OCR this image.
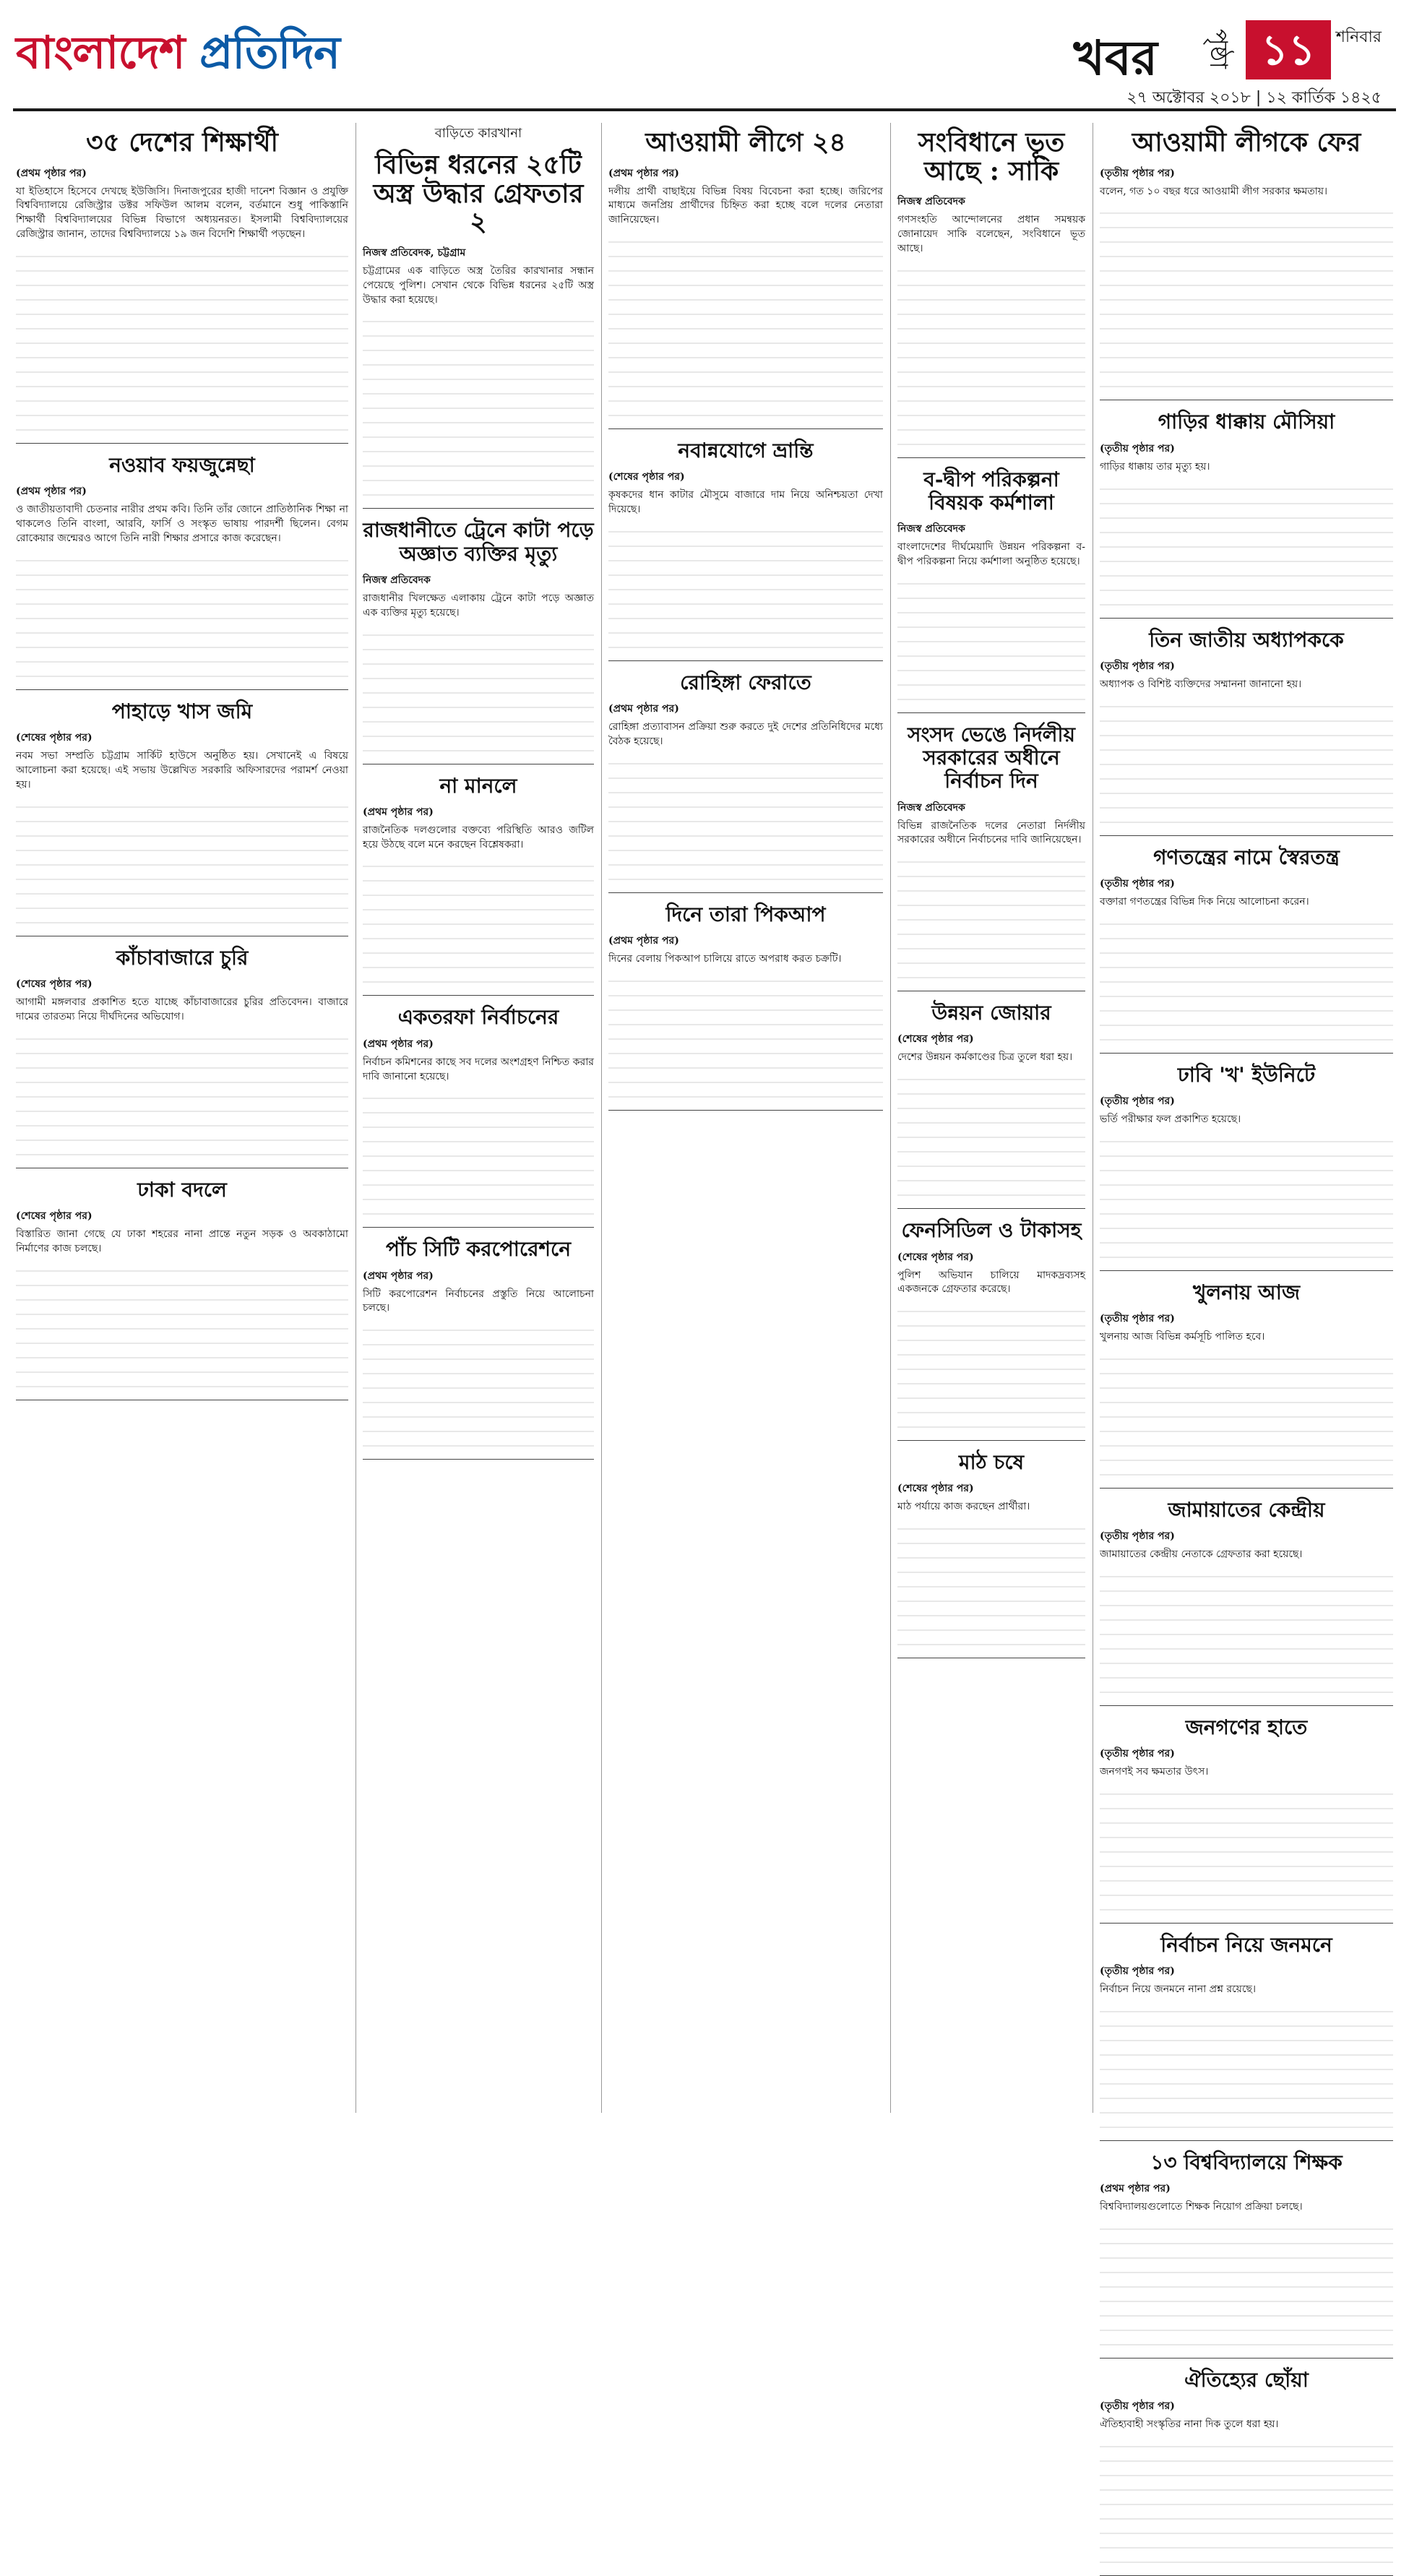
বাংলাদেশ প্রতিদিন	খবর পৃষ্ঠা ১১	শনিবার
২৭ অক্টোবর ২০১৮ | ১২ কার্তিক ১৪২৫
৩৫ দেশের শিক্ষার্থী
(প্রথম পৃষ্ঠার পর)

যা ইতিহাসে হিসেবে দেখছে ইউজিসি। দিনাজপুরের হাজী দানেশ বিজ্ঞান ও প্রযুক্তি বিশ্ববিদ্যালয়ে রেজিস্ট্রার ডক্টর সফিউল আলম বলেন, বর্তমানে শুধু পাকিস্তানি শিক্ষার্থী বিশ্ববিদ্যালয়ের বিভিন্ন বিভাগে অধ্যয়নরত। ইসলামী বিশ্ববিদ্যালয়ের রেজিস্ট্রার জানান, তাদের বিশ্ববিদ্যালয়ে ১৯ জন বিদেশি শিক্ষার্থী পড়ছেন।

নওয়াব ফয়জুন্নেছা
(প্রথম পৃষ্ঠার পর)

ও জাতীয়তাবাদী চেতনার নারীর প্রথম কবি। তিনি তাঁর জোনে প্রাতিষ্ঠানিক শিক্ষা না থাকলেও তিনি বাংলা, আরবি, ফার্সি ও সংস্কৃত ভাষায় পারদর্শী ছিলেন। বেগম রোকেয়ার জন্মেরও আগে তিনি নারী শিক্ষার প্রসারে কাজ করেছেন।

পাহাড়ে খাস জমি
(শেষের পৃষ্ঠার পর)

নবম সভা সম্প্রতি চট্টগ্রাম সার্কিট হাউসে অনুষ্ঠিত হয়। সেখানেই এ বিষয়ে আলোচনা করা হয়েছে। এই সভায় উল্লেখিত সরকারি অফিসারদের পরামর্শ নেওয়া হয়।

কাঁচাবাজারে চুরি
(শেষের পৃষ্ঠার পর)

আগামী মঙ্গলবার প্রকাশিত হতে যাচ্ছে কাঁচাবাজারের চুরির প্রতিবেদন। বাজারে দামের তারতম্য নিয়ে দীর্ঘদিনের অভিযোগ।

ঢাকা বদলে
(শেষের পৃষ্ঠার পর)

বিস্তারিত জানা গেছে যে ঢাকা শহরের নানা প্রান্তে নতুন সড়ক ও অবকাঠামো নির্মাণের কাজ চলছে।

বাড়িতে কারখানা
বিভিন্ন ধরনের ২৫টি অস্ত্র উদ্ধার গ্রেফতার ২
নিজস্ব প্রতিবেদক, চট্টগ্রাম

চট্টগ্রামের এক বাড়িতে অস্ত্র তৈরির কারখানার সন্ধান পেয়েছে পুলিশ। সেখান থেকে বিভিন্ন ধরনের ২৫টি অস্ত্র উদ্ধার করা হয়েছে।

রাজধানীতে ট্রেনে কাটা পড়ে অজ্ঞাত ব্যক্তির মৃত্যু
নিজস্ব প্রতিবেদক

রাজধানীর খিলক্ষেত এলাকায় ট্রেনে কাটা পড়ে অজ্ঞাত এক ব্যক্তির মৃত্যু হয়েছে।

না মানলে
(প্রথম পৃষ্ঠার পর)

রাজনৈতিক দলগুলোর বক্তব্যে পরিস্থিতি আরও জটিল হয়ে উঠছে বলে মনে করছেন বিশ্লেষকরা।

একতরফা নির্বাচনের
(প্রথম পৃষ্ঠার পর)

নির্বাচন কমিশনের কাছে সব দলের অংশগ্রহণ নিশ্চিত করার দাবি জানানো হয়েছে।

পাঁচ সিটি করপোরেশনে
(প্রথম পৃষ্ঠার পর)

সিটি করপোরেশন নির্বাচনের প্রস্তুতি নিয়ে আলোচনা চলছে।

আওয়ামী লীগে ২৪
(প্রথম পৃষ্ঠার পর)

দলীয় প্রার্থী বাছাইয়ে বিভিন্ন বিষয় বিবেচনা করা হচ্ছে। জরিপের মাধ্যমে জনপ্রিয় প্রার্থীদের চিহ্নিত করা হচ্ছে বলে দলের নেতারা জানিয়েছেন।

নবান্নযোগে ভ্রান্তি
(শেষের পৃষ্ঠার পর)

কৃষকদের ধান কাটার মৌসুমে বাজারে দাম নিয়ে অনিশ্চয়তা দেখা দিয়েছে।

রোহিঙ্গা ফেরাতে
(প্রথম পৃষ্ঠার পর)

রোহিঙ্গা প্রত্যাবাসন প্রক্রিয়া শুরু করতে দুই দেশের প্রতিনিধিদের মধ্যে বৈঠক হয়েছে।

দিনে তারা পিকআপ
(প্রথম পৃষ্ঠার পর)

দিনের বেলায় পিকআপ চালিয়ে রাতে অপরাধ করত চক্রটি।

সংবিধানে ভূত আছে : সাকি
নিজস্ব প্রতিবেদক

গণসংহতি আন্দোলনের প্রধান সমন্বয়ক জোনায়েদ সাকি বলেছেন, সংবিধানে ভূত আছে।

ব-দ্বীপ পরিকল্পনা বিষয়ক কর্মশালা
নিজস্ব প্রতিবেদক

বাংলাদেশের দীর্ঘমেয়াদি উন্নয়ন পরিকল্পনা ব-দ্বীপ পরিকল্পনা নিয়ে কর্মশালা অনুষ্ঠিত হয়েছে।

সংসদ ভেঙে নির্দলীয় সরকারের অধীনে নির্বাচন দিন
নিজস্ব প্রতিবেদক

বিভিন্ন রাজনৈতিক দলের নেতারা নির্দলীয় সরকারের অধীনে নির্বাচনের দাবি জানিয়েছেন।

উন্নয়ন জোয়ার
(শেষের পৃষ্ঠার পর)

দেশের উন্নয়ন কর্মকাণ্ডের চিত্র তুলে ধরা হয়।

ফেনসিডিল ও টাকাসহ
(শেষের পৃষ্ঠার পর)

পুলিশ অভিযান চালিয়ে মাদকদ্রব্যসহ একজনকে গ্রেফতার করেছে।

মাঠ চষে
(শেষের পৃষ্ঠার পর)

মাঠ পর্যায়ে কাজ করছেন প্রার্থীরা।

আওয়ামী লীগকে ফের
(তৃতীয় পৃষ্ঠার পর)

বলেন, গত ১০ বছর ধরে আওয়ামী লীগ সরকার ক্ষমতায়।

গাড়ির ধাক্কায় মৌসিয়া
(তৃতীয় পৃষ্ঠার পর)

গাড়ির ধাক্কায় তার মৃত্যু হয়।

তিন জাতীয় অধ্যাপককে
(তৃতীয় পৃষ্ঠার পর)

অধ্যাপক ও বিশিষ্ট ব্যক্তিদের সম্মাননা জানানো হয়।

গণতন্ত্রের নামে স্বৈরতন্ত্র
(তৃতীয় পৃষ্ঠার পর)

বক্তারা গণতন্ত্রের বিভিন্ন দিক নিয়ে আলোচনা করেন।

ঢাবি 'খ' ইউনিটে
(তৃতীয় পৃষ্ঠার পর)

ভর্তি পরীক্ষার ফল প্রকাশিত হয়েছে।

খুলনায় আজ
(তৃতীয় পৃষ্ঠার পর)

খুলনায় আজ বিভিন্ন কর্মসূচি পালিত হবে।

জামায়াতের কেন্দ্রীয়
(তৃতীয় পৃষ্ঠার পর)

জামায়াতের কেন্দ্রীয় নেতাকে গ্রেফতার করা হয়েছে।

জনগণের হাতে
(তৃতীয় পৃষ্ঠার পর)

জনগণই সব ক্ষমতার উৎস।

নির্বাচন নিয়ে জনমনে
(তৃতীয় পৃষ্ঠার পর)

নির্বাচন নিয়ে জনমনে নানা প্রশ্ন রয়েছে।

১৩ বিশ্ববিদ্যালয়ে শিক্ষক
(প্রথম পৃষ্ঠার পর)

বিশ্ববিদ্যালয়গুলোতে শিক্ষক নিয়োগ প্রক্রিয়া চলছে।

ঐতিহ্যের ছোঁয়া
(তৃতীয় পৃষ্ঠার পর)

ঐতিহ্যবাহী সংস্কৃতির নানা দিক তুলে ধরা হয়।
